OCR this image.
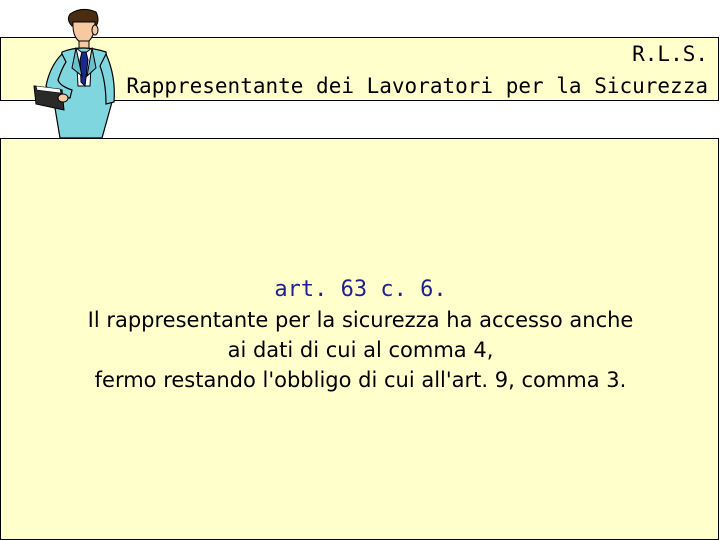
R.L.S.
Rappresentante dei Lavoratori per la Sicurezza
art. 63 c. 6.
Il rappresentante per la sicurezza ha accesso anche
ai dati di cui al comma 4,
fermo restando l'obbligo di cui all'art. 9, comma 3.
